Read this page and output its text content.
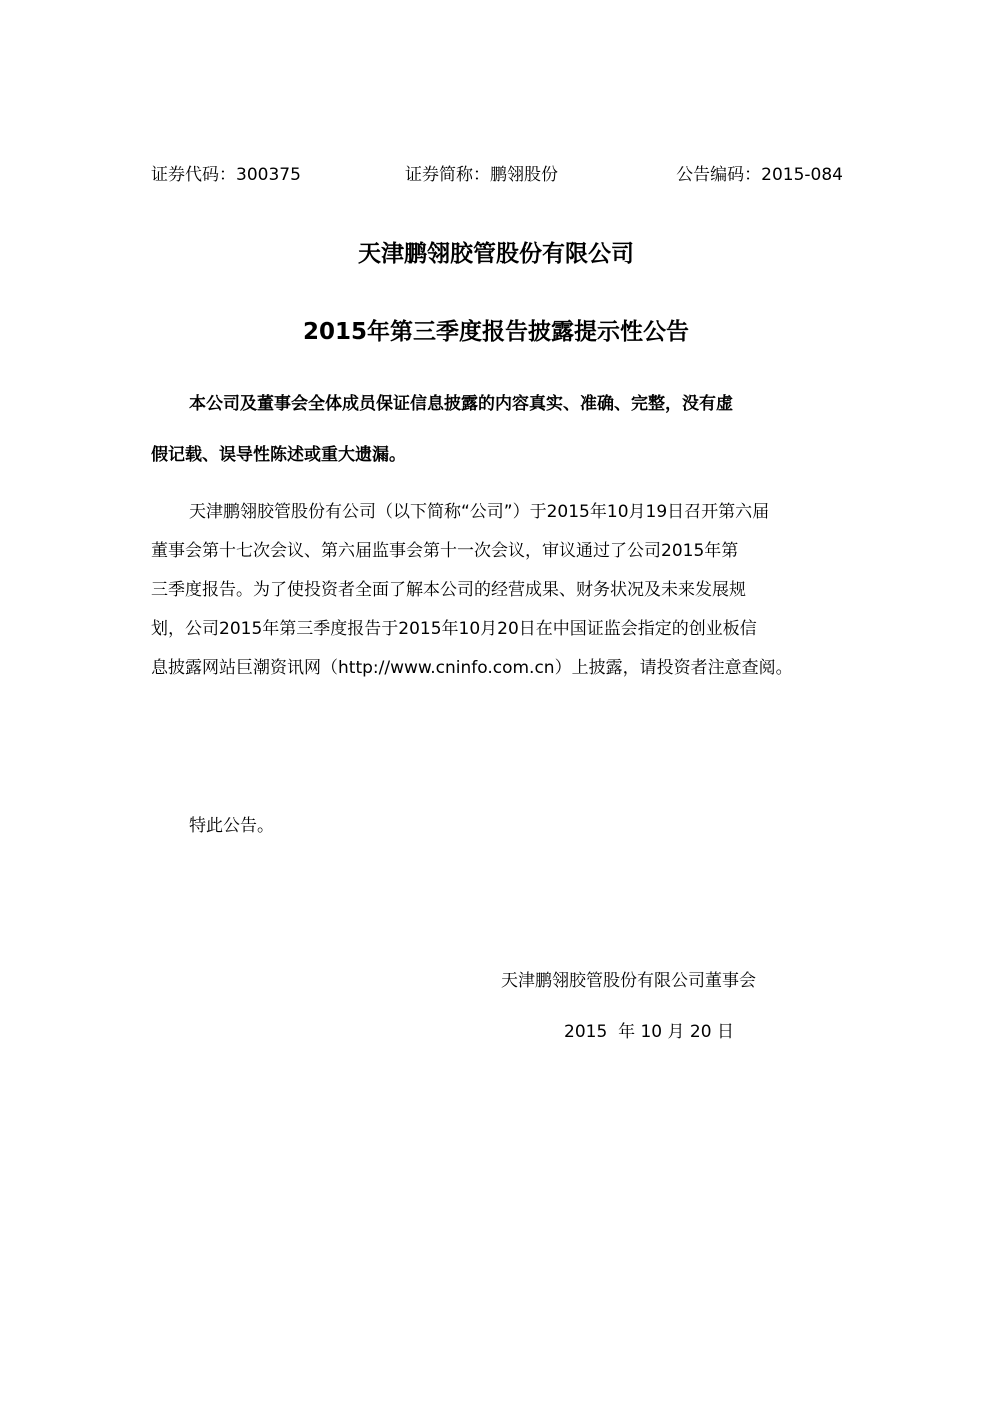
证券代码：300375	证券简称：鹏翎股份	公告编码：2015-084
天津鹏翎胶管股份有限公司
2015年第三季度报告披露提示性公告
本公司及董事会全体成员保证信息披露的内容真实、准确、完整，没有虚
假记载、误导性陈述或重大遗漏。
天津鹏翎胶管股份有公司（以下简称“公司”）于2015年10月19日召开第六届
董事会第十七次会议、第六届监事会第十一次会议，审议通过了公司2015年第
三季度报告。为了使投资者全面了解本公司的经营成果、财务状况及未来发展规
划，公司2015年第三季度报告于2015年10月20日在中国证监会指定的创业板信
息披露网站巨潮资讯网（http://www.cninfo.com.cn）上披露，请投资者注意查阅。
特此公告。
天津鹏翎胶管股份有限公司董事会
2015  年 10 月 20 日
